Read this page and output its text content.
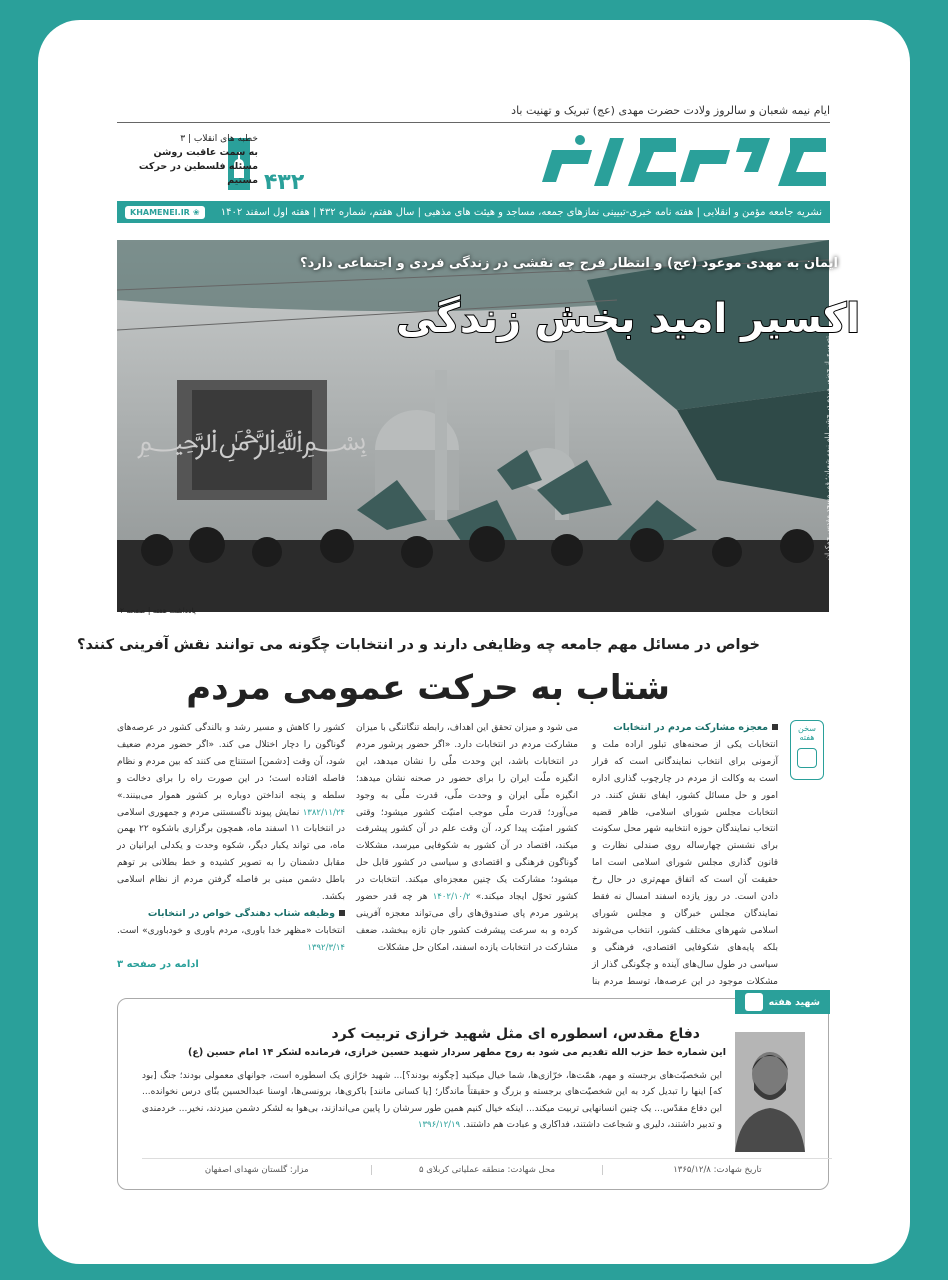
ایام نیمه شعبان و سالروز ولادت حضرت مهدی (عج) تبریک و تهنیت باد
۴۳۲
خطبه های انقلاب | ۳
به سمت عاقبت روشن
مسئله فلسطین در حرکت مستیم
نشریه جامعه مؤمن و انقلابی | هفته نامه خبری-تبیینی نمازهای جمعه، مساجد و هیئت های مذهبی | سال هفتم، شماره ۴۳۲ | هفته اول اسفند ۱۴۰۲
❀
KHAMENEI.IR
﷽
ایمان به مهدی موعود (عج) و انتظار فرج چه نقشی در زندگی فردی و اجتماعی دارد؟
اکسیر امید بخش زندگی
تصویری از حضور مردم در جشن ایام نیمه شعبان؛ قم، مسجد مقدس جمکران
یادداشت هفته | صفحه ۲
خواص در مسائل مهم جامعه چه وظایفی دارند و در انتخابات چگونه می توانند نقش آفرینی کنند؟
شتاب به حرکت عمومی مردم
سخن هفته
معجزه مشارکت مردم در انتخابات
انتخابات یکی از صحنه‌های تبلور اراده ملت و آزمونی برای انتخاب نمایندگانی است که قرار است به وکالت از مردم در چارچوب گذاری اداره امور و حل مسائل کشور، ایفای نقش کنند. در انتخابات مجلس شورای اسلامی، ظاهر قضیه انتخاب نمایندگان حوزه انتخابیه شهر محل سکونت برای نشستن چهارساله روی صندلی نظارت و قانون گذاری مجلس شورای اسلامی است اما حقیقت آن است که اتفاق مهم‌تری در حال رخ دادن است. در روز یازده اسفند امسال نه فقط نمایندگان مجلس خبرگان و مجلس شورای اسلامی شهرهای مختلف کشور، انتخاب می‌شوند بلکه پایه‌های شکوفایی اقتصادی، فرهنگی و سیاسی در طول سال‌های آینده و چگونگی گذار از مشکلات موجود در این عرصه‌ها، توسط مردم بنا
می شود و میزان تحقق این اهداف، رابطه تنگاتنگی با میزان مشارکت مردم در انتخابات دارد. «اگر حضور پرشور مردم در انتخابات باشد، این وحدت ملّی را نشان میدهد، این انگیزه ملّت ایران را برای حضور در صحنه نشان میدهد؛ انگیزه ملّی ایران و وحدت ملّی، قدرت ملّی به وجود می‌آورد؛ قدرت ملّی موجب امنیّت کشور میشود؛ وقتی کشور امنیّت پیدا کرد، آن وقت علم در آن کشور پیشرفت میکند، اقتصاد در آن کشور به شکوفایی میرسد، مشکلات گوناگون فرهنگی و اقتصادی و سیاسی در کشور قابل حل میشود؛ مشارکت یک چنین معجزه‌ای میکند. انتخابات در کشور تحوّل ایجاد میکند.» ۱۴۰۲/۱۰/۲ هر چه قدر حضور پرشور مردم پای صندوق‌های رأی می‌تواند معجزه آفرینی کرده و به سرعت پیشرفت کشور جان تازه ببخشد، ضعف مشارکت در انتخابات یازده اسفند، امکان حل مشکلات
کشور را کاهش و مسیر رشد و بالندگی کشور در عرصه‌های گوناگون را دچار اختلال می کند. «اگر حضور مردم ضعیف شود، آن وقت [دشمن] استنتاج می کنند که بین مردم و نظام فاصله افتاده است؛ در این صورت راه را برای دخالت و سلطه و پنجه انداختن دوباره بر کشور هموار می‌بینند.» ۱۳۸۲/۱۱/۲۴ نمایش پیوند ناگسستنی مردم و جمهوری اسلامی در انتخابات ۱۱ اسفند ماه، همچون برگزاری باشکوه ۲۲ بهمن ماه، می تواند یکبار دیگر، شکوه وحدت و یکدلی ایرانیان در مقابل دشمنان را به تصویر کشیده و خط بطلانی بر توهم باطل دشمن مبنی بر فاصله گرفتن مردم از نظام اسلامی بکشد.
وظیفه شتاب دهندگی خواص در انتخابات
انتخابات «مظهر خدا باوری، مردم باوری و خودباوری» است. ۱۳۹۲/۳/۱۴
ادامه در صفحه ۳
شهید هفته
دفاع مقدس، اسطوره ای مثل شهید خرازی تربیت کرد
این شماره خط حزب الله تقدیم می شود به روح مطهر سردار شهید حسین خرازی، فرمانده لشکر ۱۴ امام حسین (ع)
این شخصیّت‌های برجسته و مهم، همّت‌ها، خرّازی‌ها، شما خیال میکنید [چگونه بودند؟]... شهید خرّازی یک اسطوره است، جوانهای معمولی بودند؛ جنگ [بود که] اینها را تبدیل کرد به این شخصیّت‌های برجسته و بزرگ و حقیقتاً ماندگار؛ [یا کسانی مانند] باکری‌ها، برونسی‌ها، اوسنا عبدالحسین بنّای درس نخوانده... این دفاع مقدّس... یک چنین انسانهایی تربیت میکند... اینکه خیال کنیم همین طور سرشان را پایین می‌اندازند، بی‌هوا به لشکر دشمن میزدند، نخیر... خردمندی و تدبیر داشتند، دلیری و شجاعت داشتند، فداکاری و عبادت هم داشتند. ۱۳۹۶/۱۲/۱۹
تاریخ شهادت: ۱۳۶۵/۱۲/۸
محل شهادت: منطقه عملیاتی کربلای ۵
مزار: گلستان شهدای اصفهان
